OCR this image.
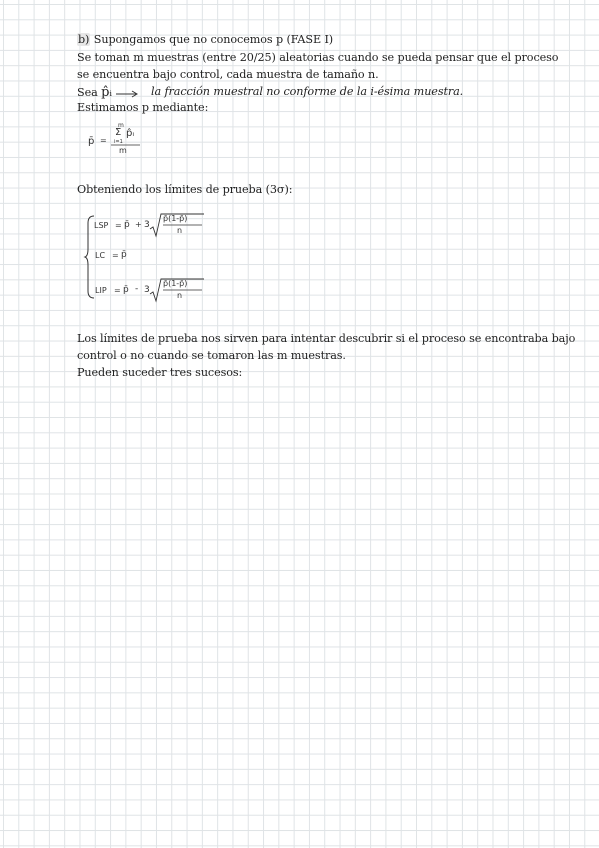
b) Supongamos que no conocemos p (FASE I)
Se toman m muestras (entre 20/25) aleatorias cuando se pueda pensar que el proceso
se encuentra bajo control, cada muestra de tamaño n.
Sea p̂ᵢ	la fracción muestral no conforme de la i-ésima muestra.
Estimamos p mediante:
p̄ =
m
Σ p̂ᵢ
i=1
m
Obteniendo los límites de prueba (3σ):
LSP = p̄ + 3
p̄(1-p̄)
n
LC = p̄
LIP = p̄ - 3
p̄(1-p̄)
n
Los límites de prueba nos sirven para intentar descubrir si el proceso se encontraba bajo
control o no cuando se tomaron las m muestras.
Pueden suceder tres sucesos:
